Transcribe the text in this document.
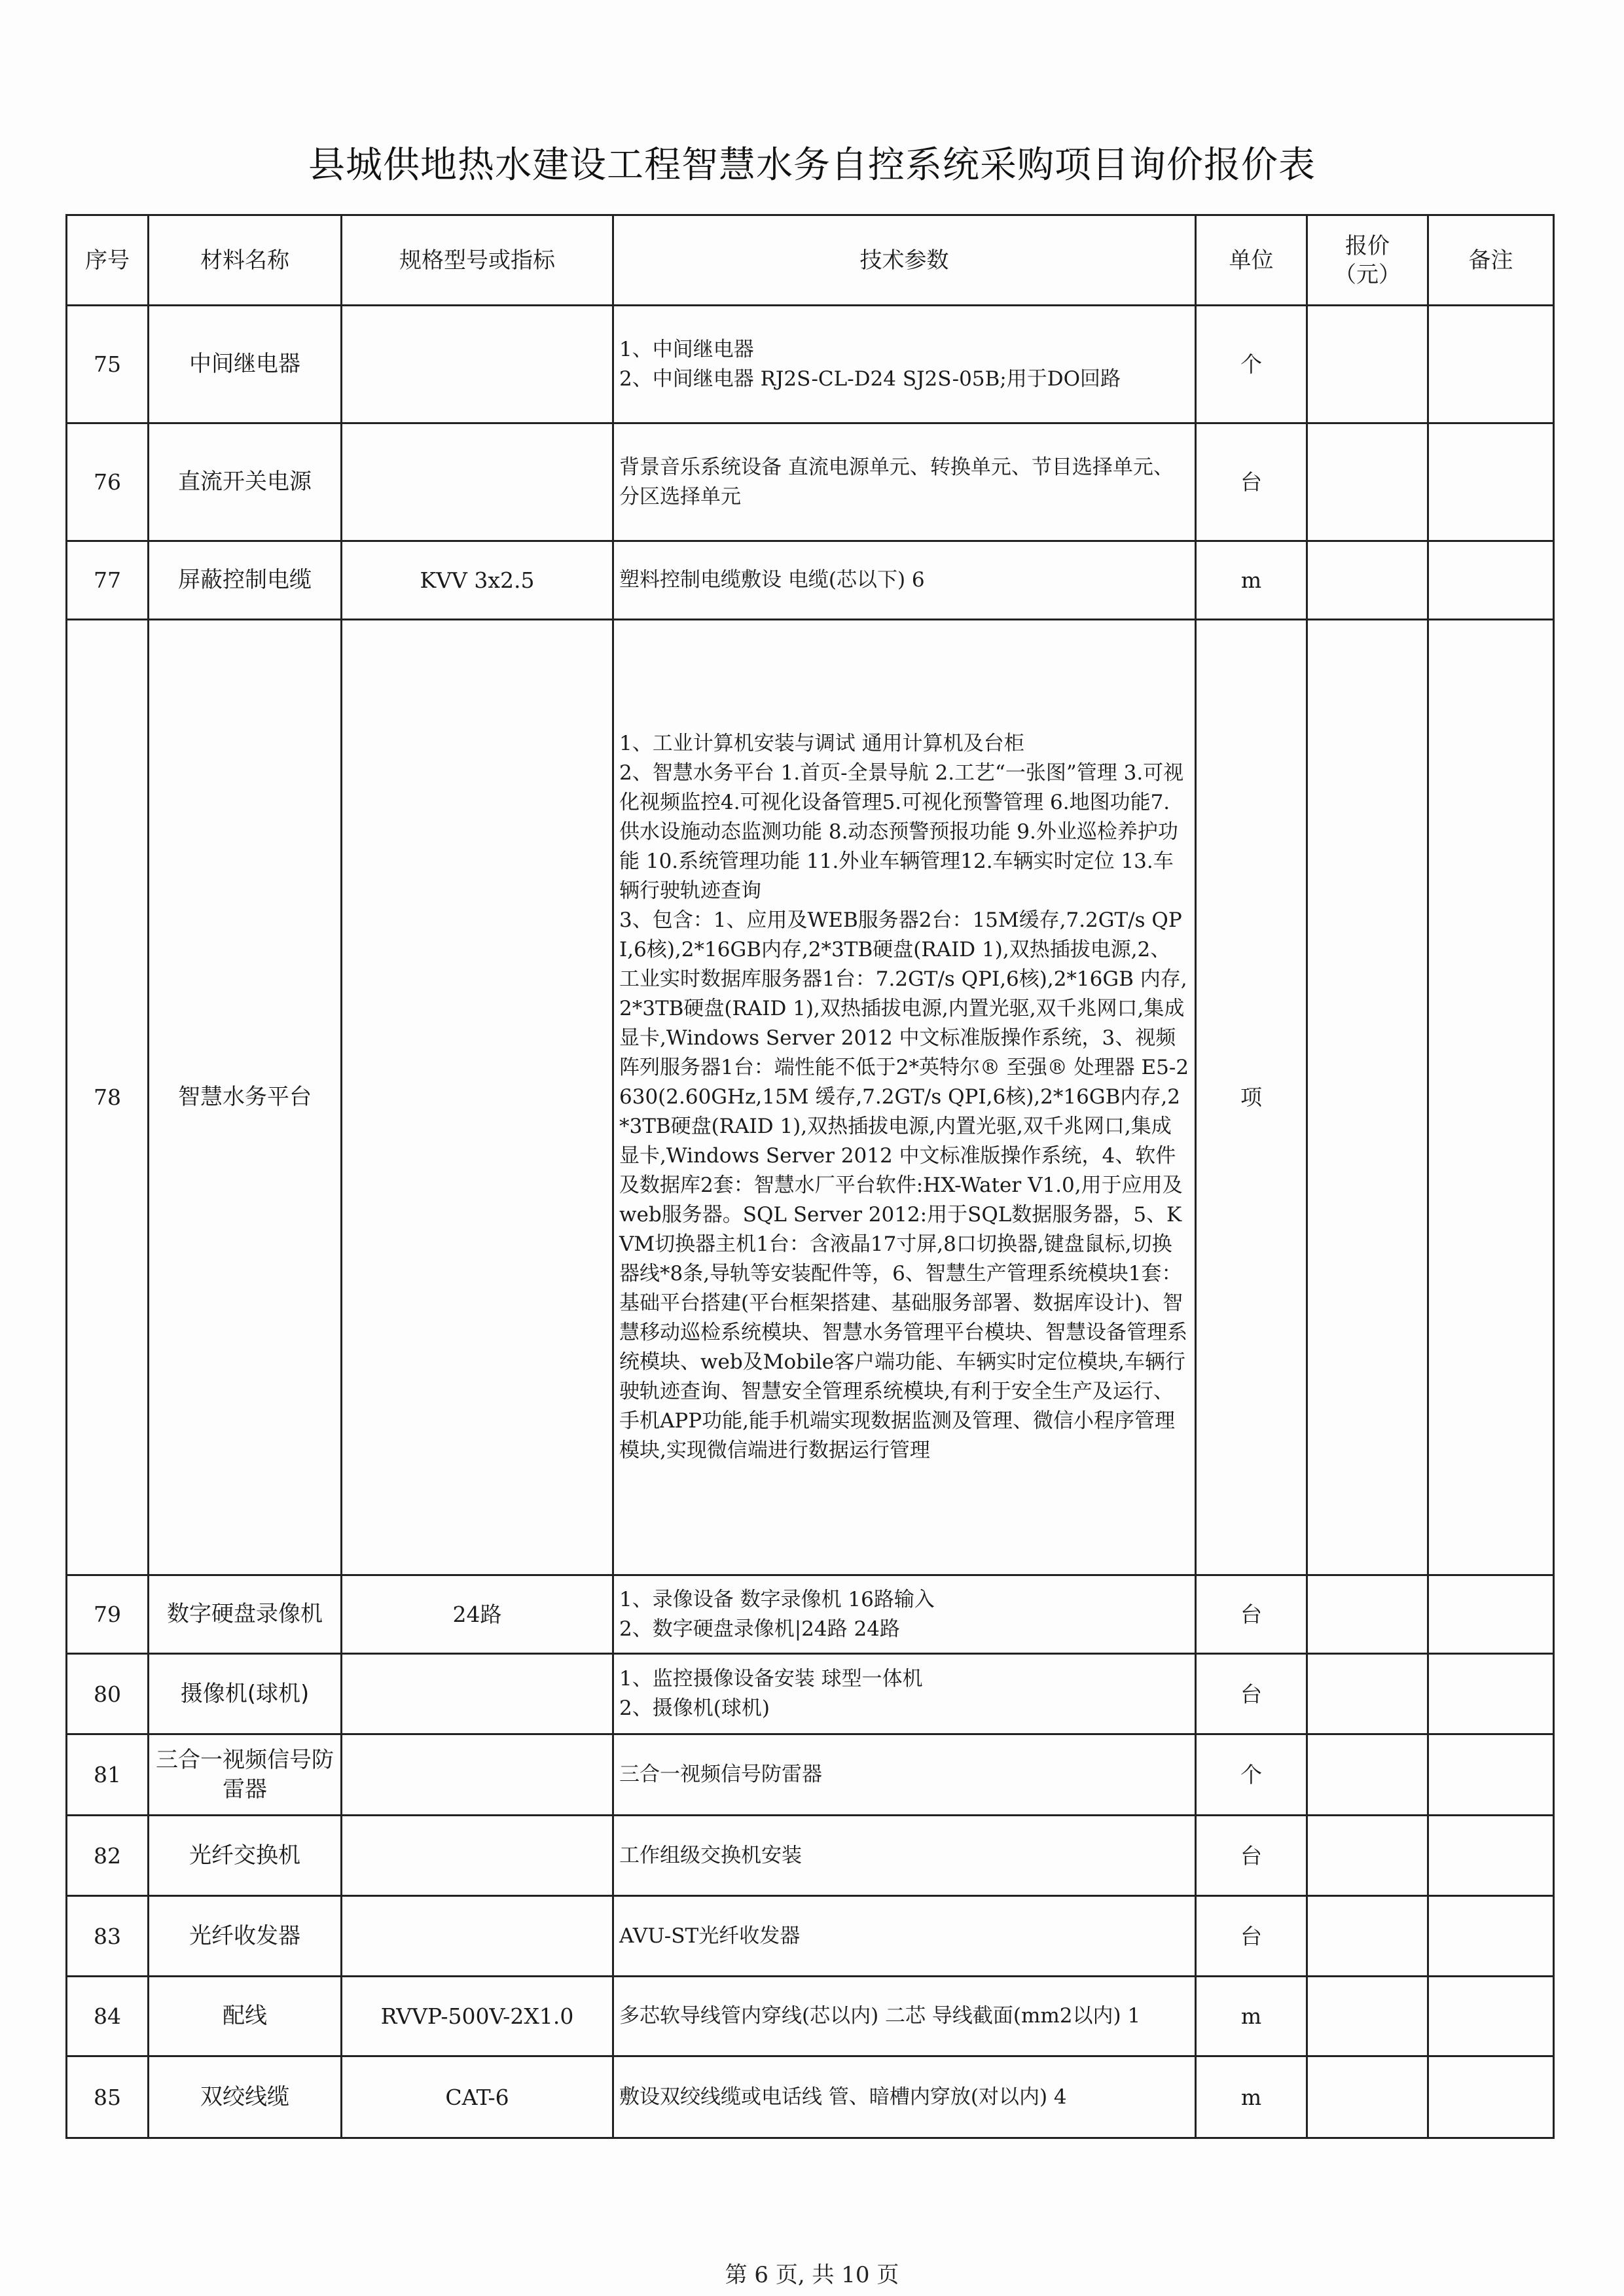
县城供地热水建设工程智慧水务自控系统采购项目询价报价表
序号	材料名称	规格型号或指标	技术参数	单位	报价
（元）	备注
75	中间继电器		1、中间继电器
2、中间继电器 RJ2S-CL-D24 SJ2S-05B;用于DO回路	个		
76	直流开关电源		背景音乐系统设备 直流电源单元、转换单元、节目选择单元、分区选择单元	台		
77	屏蔽控制电缆	KVV 3x2.5	塑料控制电缆敷设 电缆(芯以下) 6	m		
78	智慧水务平台		1、工业计算机安装与调试 通用计算机及台柜
2、智慧水务平台 1.首页-全景导航 2.工艺“一张图”管理 3.可视化视频监控4.可视化设备管理5.可视化预警管理 6.地图功能7.供水设施动态监测功能 8.动态预警预报功能 9.外业巡检养护功能 10.系统管理功能 11.外业车辆管理12.车辆实时定位 13.车辆行驶轨迹查询
3、包含：1、应用及WEB服务器2台：15M缓存,7.2GT/s QPI,6核),2*16GB内存,2*3TB硬盘(RAID 1),双热插拔电源,2、工业实时数据库服务器1台：7.2GT/s QPI,6核),2*16GB 内存,2*3TB硬盘(RAID 1),双热插拔电源,内置光驱,双千兆网口,集成显卡,Windows Server 2012 中文标准版操作系统，3、视频阵列服务器1台：端性能不低于2*英特尔® 至强® 处理器 E5-2630(2.60GHz,15M 缓存,7.2GT/s QPI,6核),2*16GB内存,2*3TB硬盘(RAID 1),双热插拔电源,内置光驱,双千兆网口,集成显卡,Windows Server 2012 中文标准版操作系统，4、软件及数据库2套：智慧水厂平台软件:HX-Water V1.0,用于应用及web服务器。SQL Server 2012:用于SQL数据服务器，5、KVM切换器主机1台：含液晶17寸屏,8口切换器,键盘鼠标,切换器线*8条,导轨等安装配件等，6、智慧生产管理系统模块1套：基础平台搭建(平台框架搭建、基础服务部署、数据库设计)、智慧移动巡检系统模块、智慧水务管理平台模块、智慧设备管理系统模块、web及Mobile客户端功能、车辆实时定位模块,车辆行驶轨迹查询、智慧安全管理系统模块,有利于安全生产及运行、手机APP功能,能手机端实现数据监测及管理、微信小程序管理模块,实现微信端进行数据运行管理	项		
79	数字硬盘录像机	24路	1、录像设备 数字录像机 16路输入
2、数字硬盘录像机|24路 24路	台		
80	摄像机(球机)		1、监控摄像设备安装 球型一体机
2、摄像机(球机)	台		
81	三合一视频信号防雷器		三合一视频信号防雷器	个		
82	光纤交换机		工作组级交换机安装	台		
83	光纤收发器		AVU-ST光纤收发器	台		
84	配线	RVVP-500V-2X1.0	多芯软导线管内穿线(芯以内) 二芯 导线截面(mm2以内) 1	m		
85	双绞线缆	CAT-6	敷设双绞线缆或电话线 管、暗槽内穿放(对以内) 4	m		
第 6 页, 共 10 页
